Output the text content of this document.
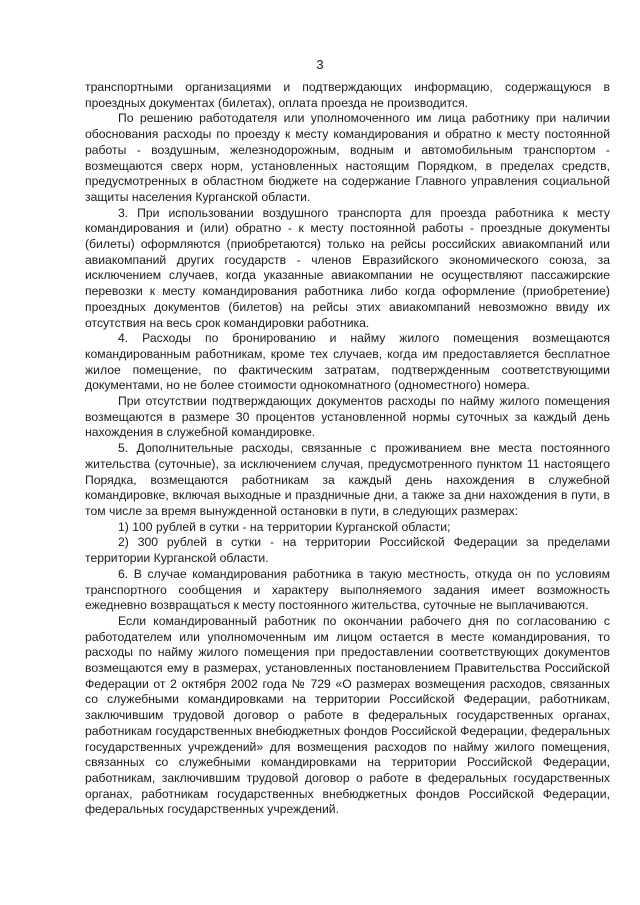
3

транспортными организациями и подтверждающих информацию, содержащуюся в проездных документах (билетах), оплата проезда не производится.

По решению работодателя или уполномоченного им лица работнику при наличии обоснования расходы по проезду к месту командирования и обратно к месту постоянной работы - воздушным, железнодорожным, водным и автомобильным транспортом - возмещаются сверх норм, установленных настоящим Порядком, в пределах средств, предусмотренных в областном бюджете на содержание Главного управления социальной защиты населения Курганской области.

3. При использовании воздушного транспорта для проезда работника к месту командирования и (или) обратно - к месту постоянной работы - проездные документы (билеты) оформляются (приобретаются) только на рейсы российских авиакомпаний или авиакомпаний других государств - членов Евразийского экономического союза, за исключением случаев, когда указанные авиакомпании не осуществляют пассажирские перевозки к месту командирования работника либо когда оформление (приобретение) проездных документов (билетов) на рейсы этих авиакомпаний невозможно ввиду их отсутствия на весь срок командировки работника.

4. Расходы по бронированию и найму жилого помещения возмещаются командированным работникам, кроме тех случаев, когда им предоставляется бесплатное жилое помещение, по фактическим затратам, подтвержденным соответствующими документами, но не более стоимости однокомнатного (одноместного) номера.

При отсутствии подтверждающих документов расходы по найму жилого помещения возмещаются в размере 30 процентов установленной нормы суточных за каждый день нахождения в служебной командировке.

5. Дополнительные расходы, связанные с проживанием вне места постоянного жительства (суточные), за исключением случая, предусмотренного пунктом 11 настоящего Порядка, возмещаются работникам за каждый день нахождения в служебной командировке, включая выходные и праздничные дни, а также за дни нахождения в пути, в том числе за время вынужденной остановки в пути, в следующих размерах:

1) 100 рублей в сутки - на территории Курганской области;

2) 300 рублей в сутки - на территории Российской Федерации за пределами территории Курганской области.

6. В случае командирования работника в такую местность, откуда он по условиям транспортного сообщения и характеру выполняемого задания имеет возможность ежедневно возвращаться к месту постоянного жительства, суточные не выплачиваются.

Если командированный работник по окончании рабочего дня по согласованию с работодателем или уполномоченным им лицом остается в месте командирования, то расходы по найму жилого помещения при предоставлении соответствующих документов возмещаются ему в размерах, установленных постановлением Правительства Российской Федерации от 2 октября 2002 года № 729 «О размерах возмещения расходов, связанных со служебными командировками на территории Российской Федерации, работникам, заключившим трудовой договор о работе в федеральных государственных органах, работникам государственных внебюджетных фондов Российской Федерации, федеральных государственных учреждений» для возмещения расходов по найму жилого помещения, связанных со служебными командировками на территории Российской Федерации, работникам, заключившим трудовой договор о работе в федеральных государственных органах, работникам государственных внебюджетных фондов Российской Федерации, федеральных государственных учреждений.
